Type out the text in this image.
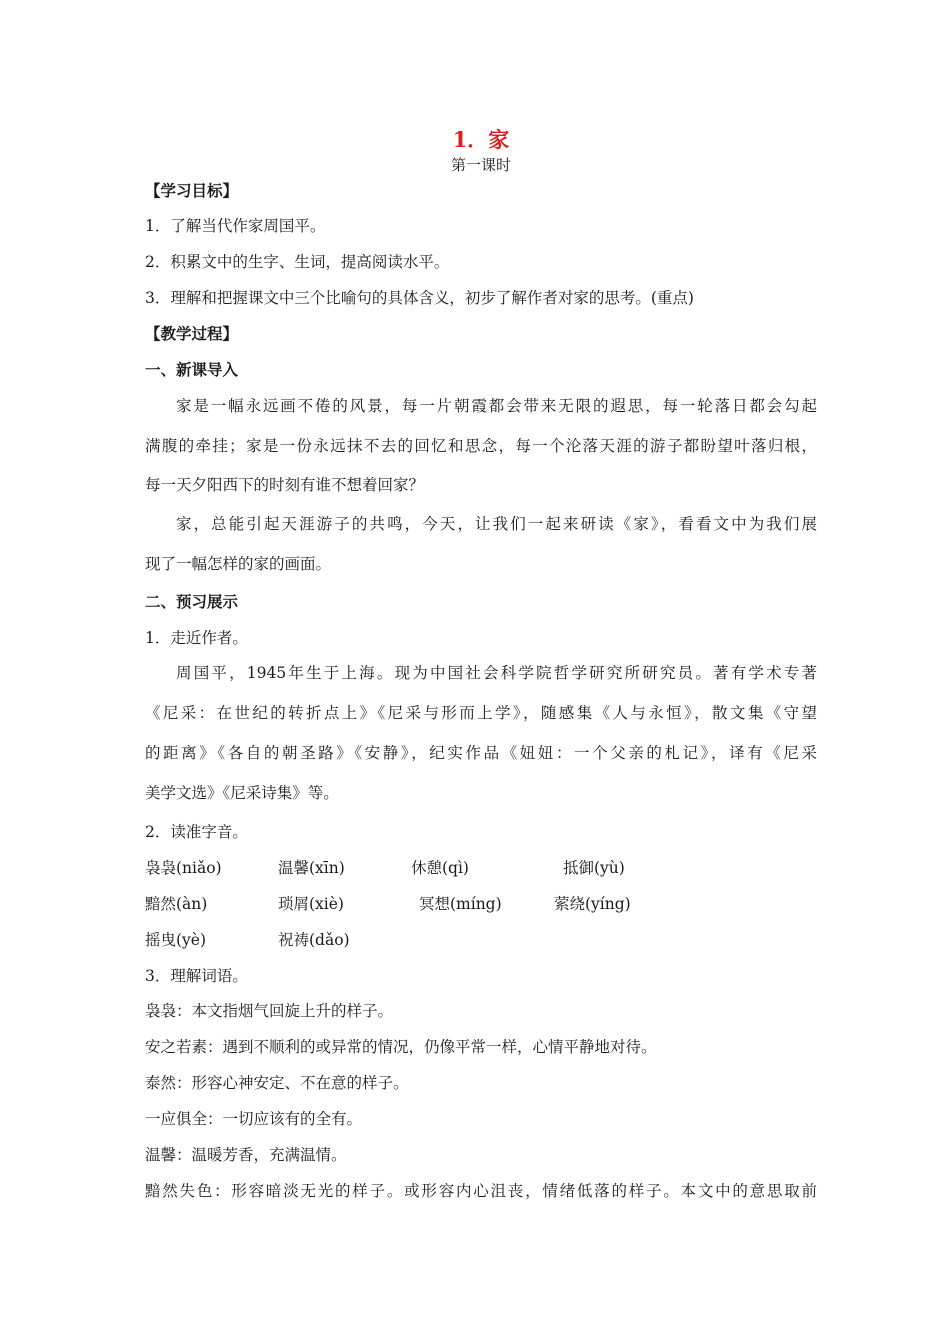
1．家
第一课时
【学习目标】
1．了解当代作家周国平。
2．积累文中的生字、生词，提高阅读水平。
3．理解和把握课文中三个比喻句的具体含义，初步了解作者对家的思考。(重点)
【教学过程】
一、新课导入
家是一幅永远画不倦的风景，每一片朝霞都会带来无限的遐思，每一轮落日都会勾起
满腹的牵挂；家是一份永远抹不去的回忆和思念，每一个沦落天涯的游子都盼望叶落归根，
每一天夕阳西下的时刻有谁不想着回家？
家，总能引起天涯游子的共鸣，今天，让我们一起来研读《家》，看看文中为我们展
现了一幅怎样的家的画面。
二、预习展示
1．走近作者。
周国平，1945年生于上海。现为中国社会科学院哲学研究所研究员。著有学术专著
《尼采：在世纪的转折点上》《尼采与形而上学》，随感集《人与永恒》，散文集《守望
的距离》《各自的朝圣路》《安静》，纪实作品《妞妞：一个父亲的札记》，译有《尼采
美学文选》《尼采诗集》等。
2．读准字音。
袅袅(niǎo)	温馨(xīn)	休憩(qì)	抵御(yù)
黯然(àn)	琐屑(xiè)	冥想(míng)	萦绕(yíng)
摇曳(yè)	祝祷(dǎo)
3．理解词语。
袅袅：本文指烟气回旋上升的样子。
安之若素：遇到不顺利的或异常的情况，仍像平常一样，心情平静地对待。
泰然：形容心神安定、不在意的样子。
一应俱全：一切应该有的全有。
温馨：温暖芳香，充满温情。
黯然失色：形容暗淡无光的样子。或形容内心沮丧，情绪低落的样子。本文中的意思取前
